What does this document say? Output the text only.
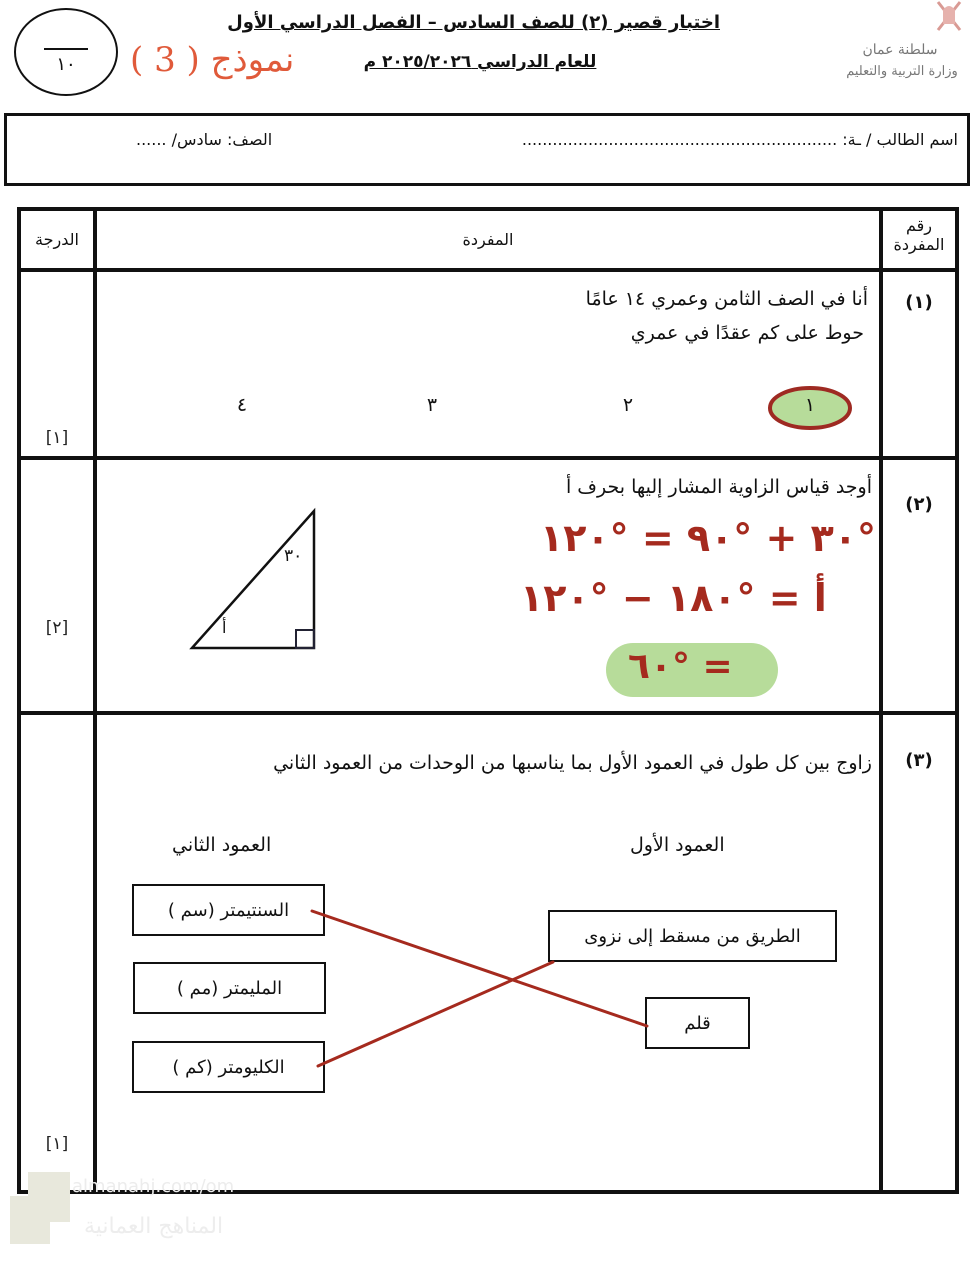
اختبار قصير (٢) للصف السادس – الفصل الدراسي الأول
للعام الدراسي ٢٠٢٥/٢٠٢٦ م
نموذج ( 3 )
١٠
سلطنة عمان
وزارة التربية والتعليم
اسم الطالب / ـة: ..............................................................
الصف: سادس/ ......
رقم
المفردة
المفردة
الدرجة
(١)
أنا في الصف الثامن وعمري ١٤ عامًا
حوط على كم عقدًا في عمري
١
٢
٣
٤
[١]
(٢)
أوجد قياس الزاوية المشار إليها بحرف أ
٣٠
أ
°٣٠ + °٩٠ = °١٢٠
أ = °١٨٠ − °١٢٠
= °٦٠
[٢]
(٣)
زاوج بين كل طول في العمود الأول بما يناسبها من الوحدات من العمود الثاني
العمود الأول
العمود الثاني
السنتيمتر (سم )
المليمتر (مم )
الكليومتر (كم )
الطريق من مسقط إلى نزوى
قلم
[١]
almanahj.com/om
المناهج العمانية
